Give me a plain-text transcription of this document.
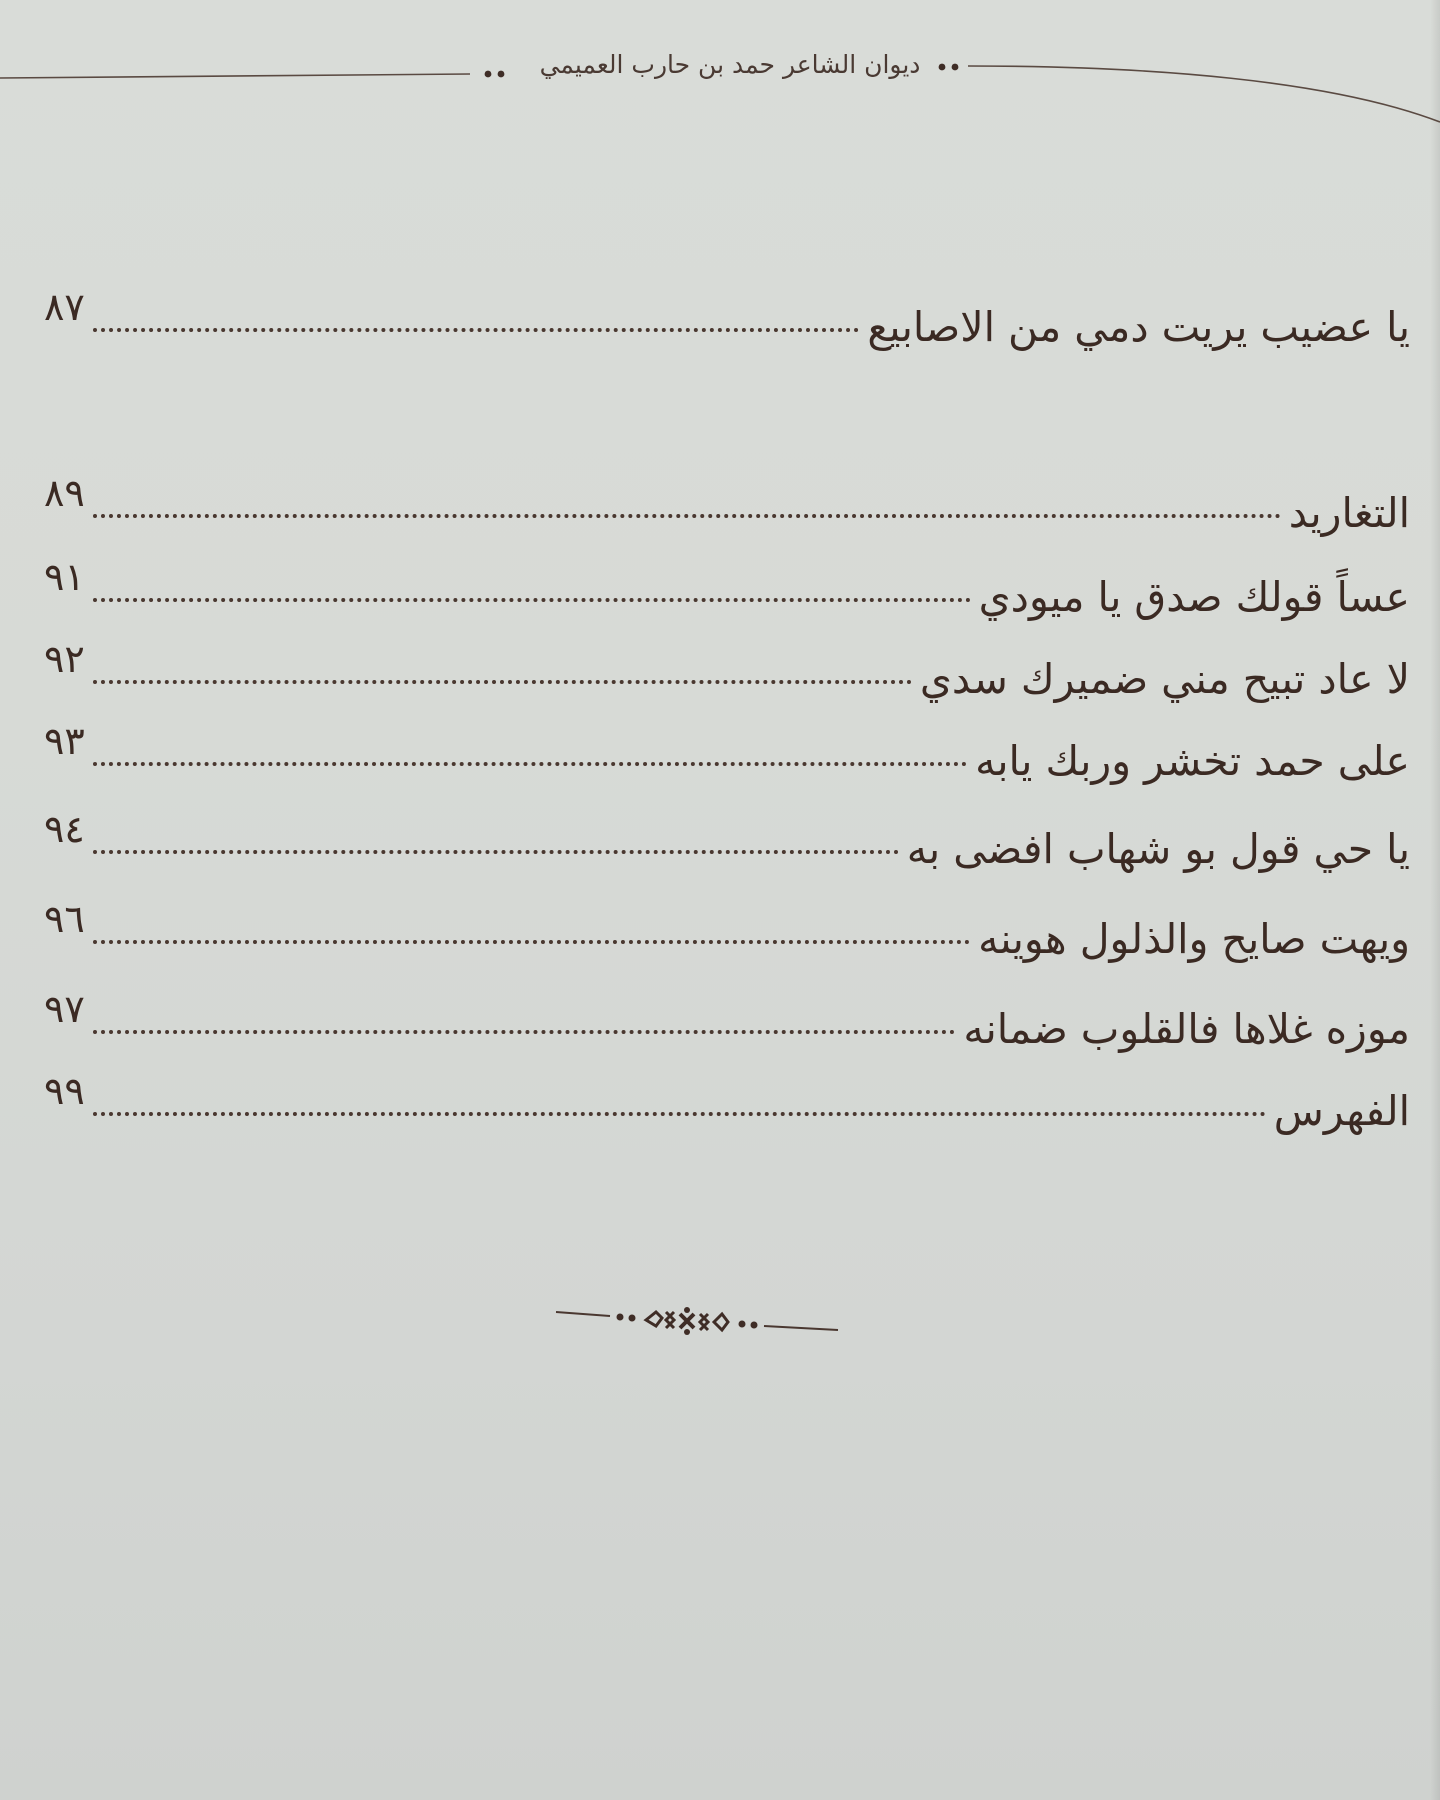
ديوان الشاعر حمد بن حارب العميمي
يا عضيب يريت دمي من الاصابيع
٨٧
التغاريد
٨٩
عساً قولك صدق يا ميودي
٩١
لا عاد تبيح مني ضميرك سدي
٩٢
على حمد تخشر وربك يابه
٩٣
يا حي قول بو شهاب افضى به
٩٤
ويهت صايح والذلول هوينه
٩٦
موزه غلاها فالقلوب ضمانه
٩٧
الفهرس
٩٩
